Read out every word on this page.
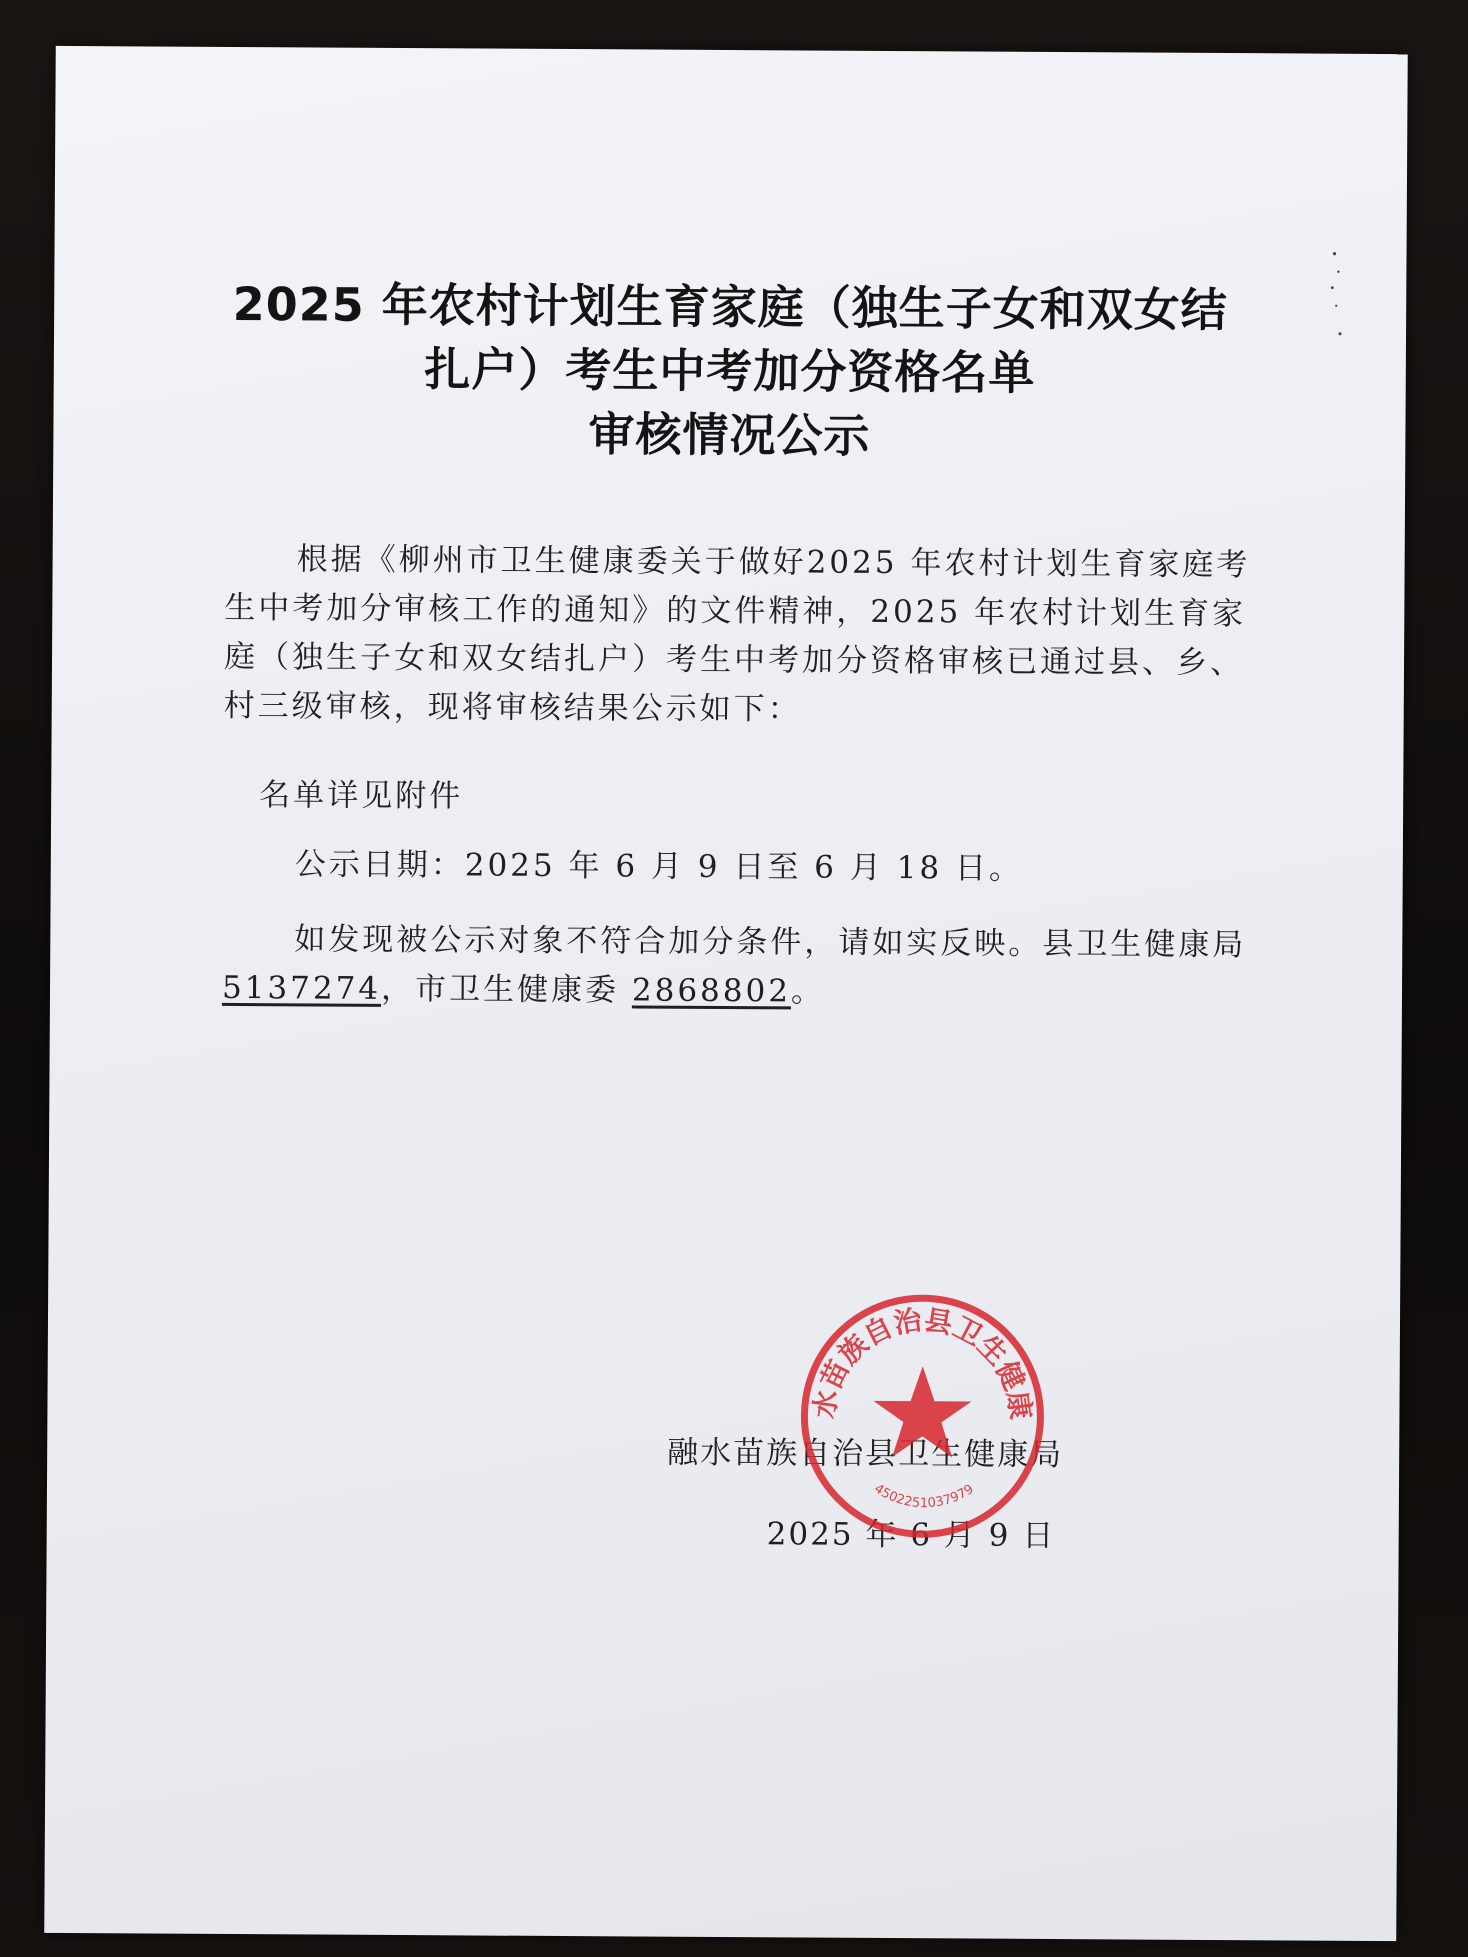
2025 年农村计划生育家庭（独生子女和双女结
扎户）考生中考加分资格名单
审核情况公示

根据《柳州市卫生健康委关于做好2025 年农村计划生育家庭考生中考加分审核工作的通知》的文件精神，2025 年农村计划生育家庭（独生子女和双女结扎户）考生中考加分资格审核已通过县、乡、村三级审核，现将审核结果公示如下：

名单详见附件
公示日期：2025 年 6 月 9 日至 6 月 18 日。

如发现被公示对象不符合加分条件，请如实反映。县卫生健康局 5137274，市卫生健康委 2868802。

融水苗族自治县卫生健康局
2025 年 6 月 9 日
融水苗族自治县卫生健康局
4502251037979
